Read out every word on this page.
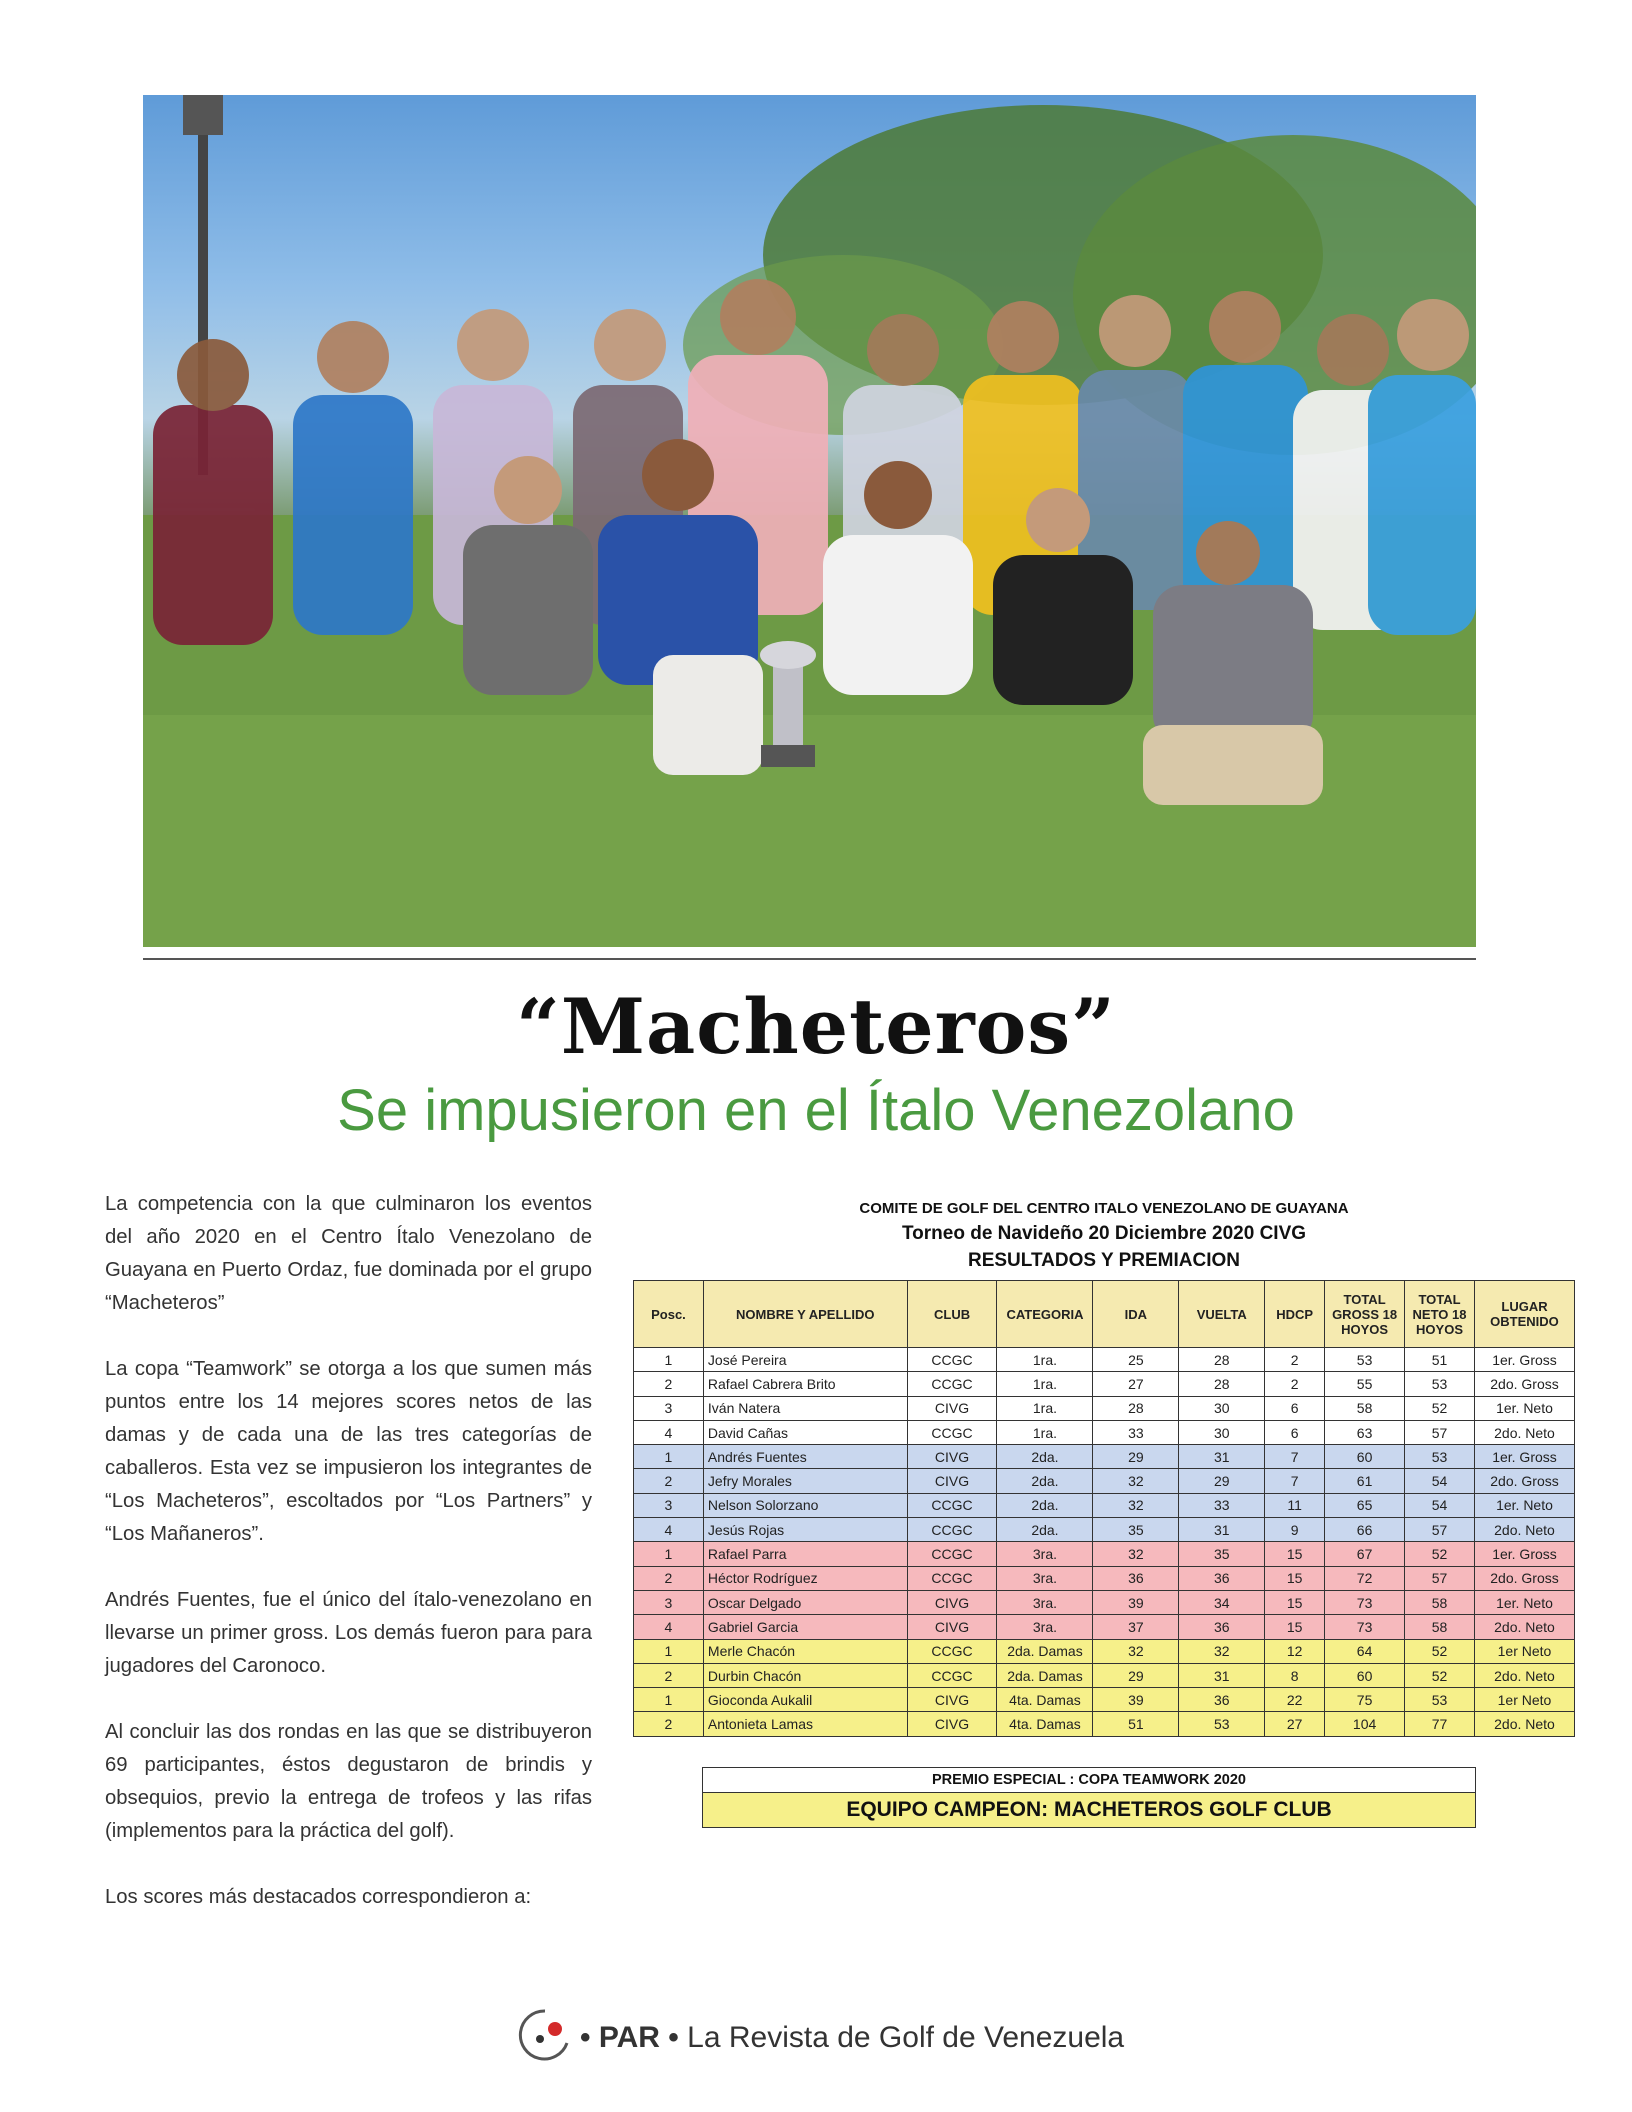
“Macheteros”
Se impusieron en el Ítalo Venezolano

La competencia con la que culminaron los eventos del año 2020 en el Centro Ítalo Venezolano de Guayana en Puerto Ordaz, fue dominada por el grupo “Macheteros”

La copa “Teamwork” se otorga a los que sumen más puntos entre los 14 mejores scores netos de las damas y de cada una de las tres categorías de caballeros. Esta vez se impusieron los integrantes de “Los Macheteros”, escoltados por “Los Partners” y “Los Mañaneros”.

Andrés Fuentes, fue el único del ítalo-venezolano en llevarse un primer gross. Los demás fueron para para jugadores del Caronoco.

Al concluir las dos rondas en las que se distribuyeron 69 participantes, éstos degustaron de brindis y obsequios, previo la entrega de trofeos y las rifas (implementos para la práctica del golf).

Los scores más destacados correspondieron a:

COMITE DE GOLF DEL CENTRO ITALO VENEZOLANO DE GUAYANA
Torneo de Navideño 20 Diciembre 2020 CIVG
RESULTADOS Y PREMIACION
Posc.	NOMBRE Y APELLIDO	CLUB	CATEGORIA	IDA	VUELTA	HDCP	TOTAL GROSS 18 HOYOS	TOTAL NETO 18 HOYOS	LUGAR OBTENIDO
1	José Pereira	CCGC	1ra.	25	28	2	53	51	1er. Gross
2	Rafael Cabrera Brito	CCGC	1ra.	27	28	2	55	53	2do. Gross
3	Iván Natera	CIVG	1ra.	28	30	6	58	52	1er. Neto
4	David Cañas	CCGC	1ra.	33	30	6	63	57	2do. Neto
1	Andrés Fuentes	CIVG	2da.	29	31	7	60	53	1er. Gross
2	Jefry Morales	CIVG	2da.	32	29	7	61	54	2do. Gross
3	Nelson Solorzano	CCGC	2da.	32	33	11	65	54	1er. Neto
4	Jesús Rojas	CCGC	2da.	35	31	9	66	57	2do. Neto
1	Rafael Parra	CCGC	3ra.	32	35	15	67	52	1er. Gross
2	Héctor Rodríguez	CCGC	3ra.	36	36	15	72	57	2do. Gross
3	Oscar Delgado	CIVG	3ra.	39	34	15	73	58	1er. Neto
4	Gabriel Garcia	CIVG	3ra.	37	36	15	73	58	2do. Neto
1	Merle Chacón	CCGC	2da. Damas	32	32	12	64	52	1er Neto
2	Durbin Chacón	CCGC	2da. Damas	29	31	8	60	52	2do. Neto
1	Gioconda Aukalil	CIVG	4ta. Damas	39	36	22	75	53	1er Neto
2	Antonieta Lamas	CIVG	4ta. Damas	51	53	27	104	77	2do. Neto
PREMIO ESPECIAL : COPA TEAMWORK 2020
EQUIPO CAMPEON: MACHETEROS GOLF CLUB
• PAR • La Revista de Golf de Venezuela
